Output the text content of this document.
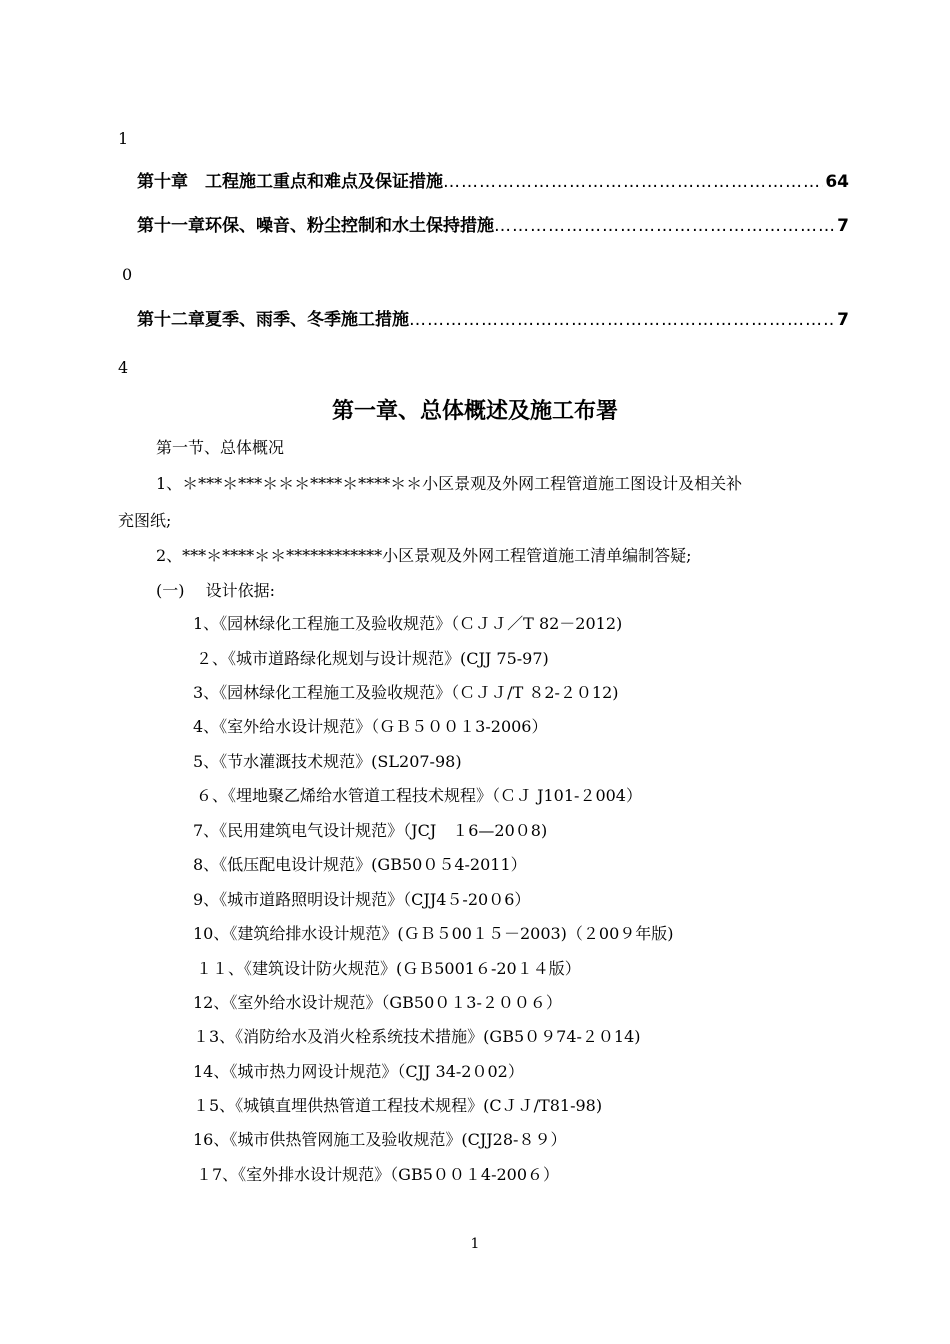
1
第十章　工程施工重点和难点及保证措施 …………………………………………………………………………………………………………………	64
第十一章环保、噪音、粉尘控制和水土保持措施 …………………………………………………………………………………………………………………	7
0
第十二章夏季、雨季、冬季施工措施 …………………………………………………………………………………………………………………	7
4
第一章、总体概述及施工布署
第一节、总体概况
1、＊***＊***＊＊＊****＊****＊＊小区景观及外网工程管道施工图设计及相关补
充图纸;
2、***＊****＊＊************小区景观及外网工程管道施工清单编制答疑;
(一)　 设计依据:
1、《园林绿化工程施工及验收规范》（ＣＪＪ／T 82－2012)
２、《城市道路绿化规划与设计规范》(CJJ 75-97)
3、《园林绿化工程施工及验收规范》（ＣＪＪ/T ８2-２０12)
4、《室外给水设计规范》（ＧＢ５００１3-2006）
5、《节水灌溉技术规范》(SL207-98)
６、《埋地聚乙烯给水管道工程技术规程》（ＣＪ J101-２004）
7、《民用建筑电气设计规范》（JCJ　１6—20０8)
8、《低压配电设计规范》(GB50０５4-2011）
9、《城市道路照明设计规范》（CJJ4５-20０6）
10、《建筑给排水设计规范》(ＧＢ５00１５－2003)（２00９年版)
１１、《建筑设计防火规范》(ＧＢ5001６-20１４版）
12、《室外给水设计规范》（GB50０１3-２００６）
１3、《消防给水及消火栓系统技术措施》(GB5０９74-２０14)
14、《城市热力网设计规范》（CJJ 34-2０02）
１5、《城镇直埋供热管道工程技术规程》(CＪＪ/T81-98)
16、《城市供热管网施工及验收规范》(CJJ28-８９）
１7、《室外排水设计规范》（GB5００１4-200６）
1
